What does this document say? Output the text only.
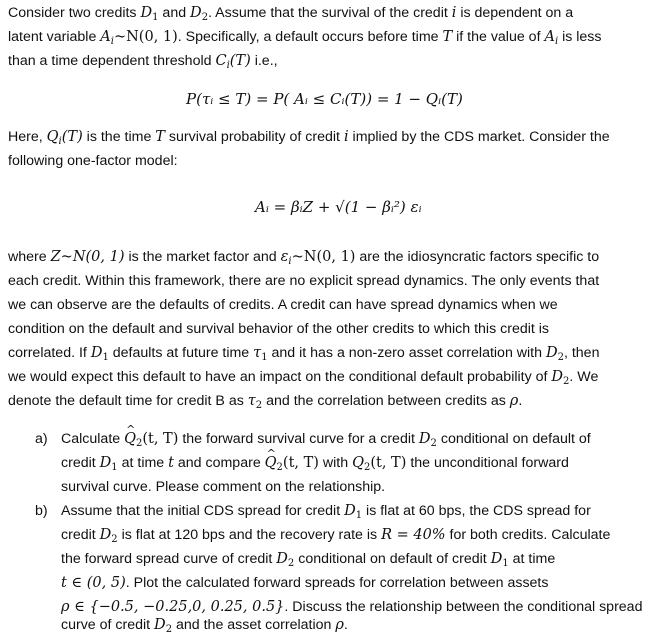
Consider two credits $D_1$ and $D_2$. Assume that the survival of the credit i is dependent on a
latent variable $A_i\sim N(0$, 1). Specifically, a default occurs before time T if the value of $A_i$ is less
than a time dependent threshold $C_i(T)$ i.e.,
P(τᵢ ≤ T) = P( Aᵢ ≤ Cᵢ(T)) = 1 − Qᵢ(T)
Here, $Q_i(T)$ is the time T survival probability of credit i implied by the CDS market. Consider the
following one-factor model:
Aᵢ = βᵢZ + √(1 − βᵢ²) εᵢ
where Z~N(0, 1) is the market factor and $\varepsilon_i\sim N(0$, 1) are the idiosyncratic factors specific to
each credit. Within this framework, there are no explicit spread dynamics. The only events that
we can observe are the defaults of credits. A credit can have spread dynamics when we
condition on the default and survival behavior of the other credits to which this credit is
correlated. If $D_1$ defaults at future time $\tau_1$ and it has a non-zero asset correlation with $D_2$, then
we would expect this default to have an impact on the conditional default probability of $D_2$. We
denote the default time for credit B as $\tau_2$ and the correlation between credits as ρ.
a) Calculate ^ $Q_2(t$, T) the forward survival curve for a credit $D_2$ conditional on default of
credit $D_1$ at time t and compare ^ $Q_2(t$, T) with $Q_2(t$, T) the unconditional forward
survival curve. Please comment on the relationship.
b) Assume that the initial CDS spread for credit $D_1$ is flat at 60 bps, the CDS spread for
credit $D_2$ is flat at 120 bps and the recovery rate is R = 40% for both credits. Calculate
the forward spread curve of credit $D_2$ conditional on default of credit $D_1$ at time
t ∈ (0, 5). Plot the calculated forward spreads for correlation between assets
ρ ∈ {−0.5, −0.25,0, 0.25, 0.5}. Discuss the relationship between the conditional spread
curve of credit $D_2$ and the asset correlation ρ.
